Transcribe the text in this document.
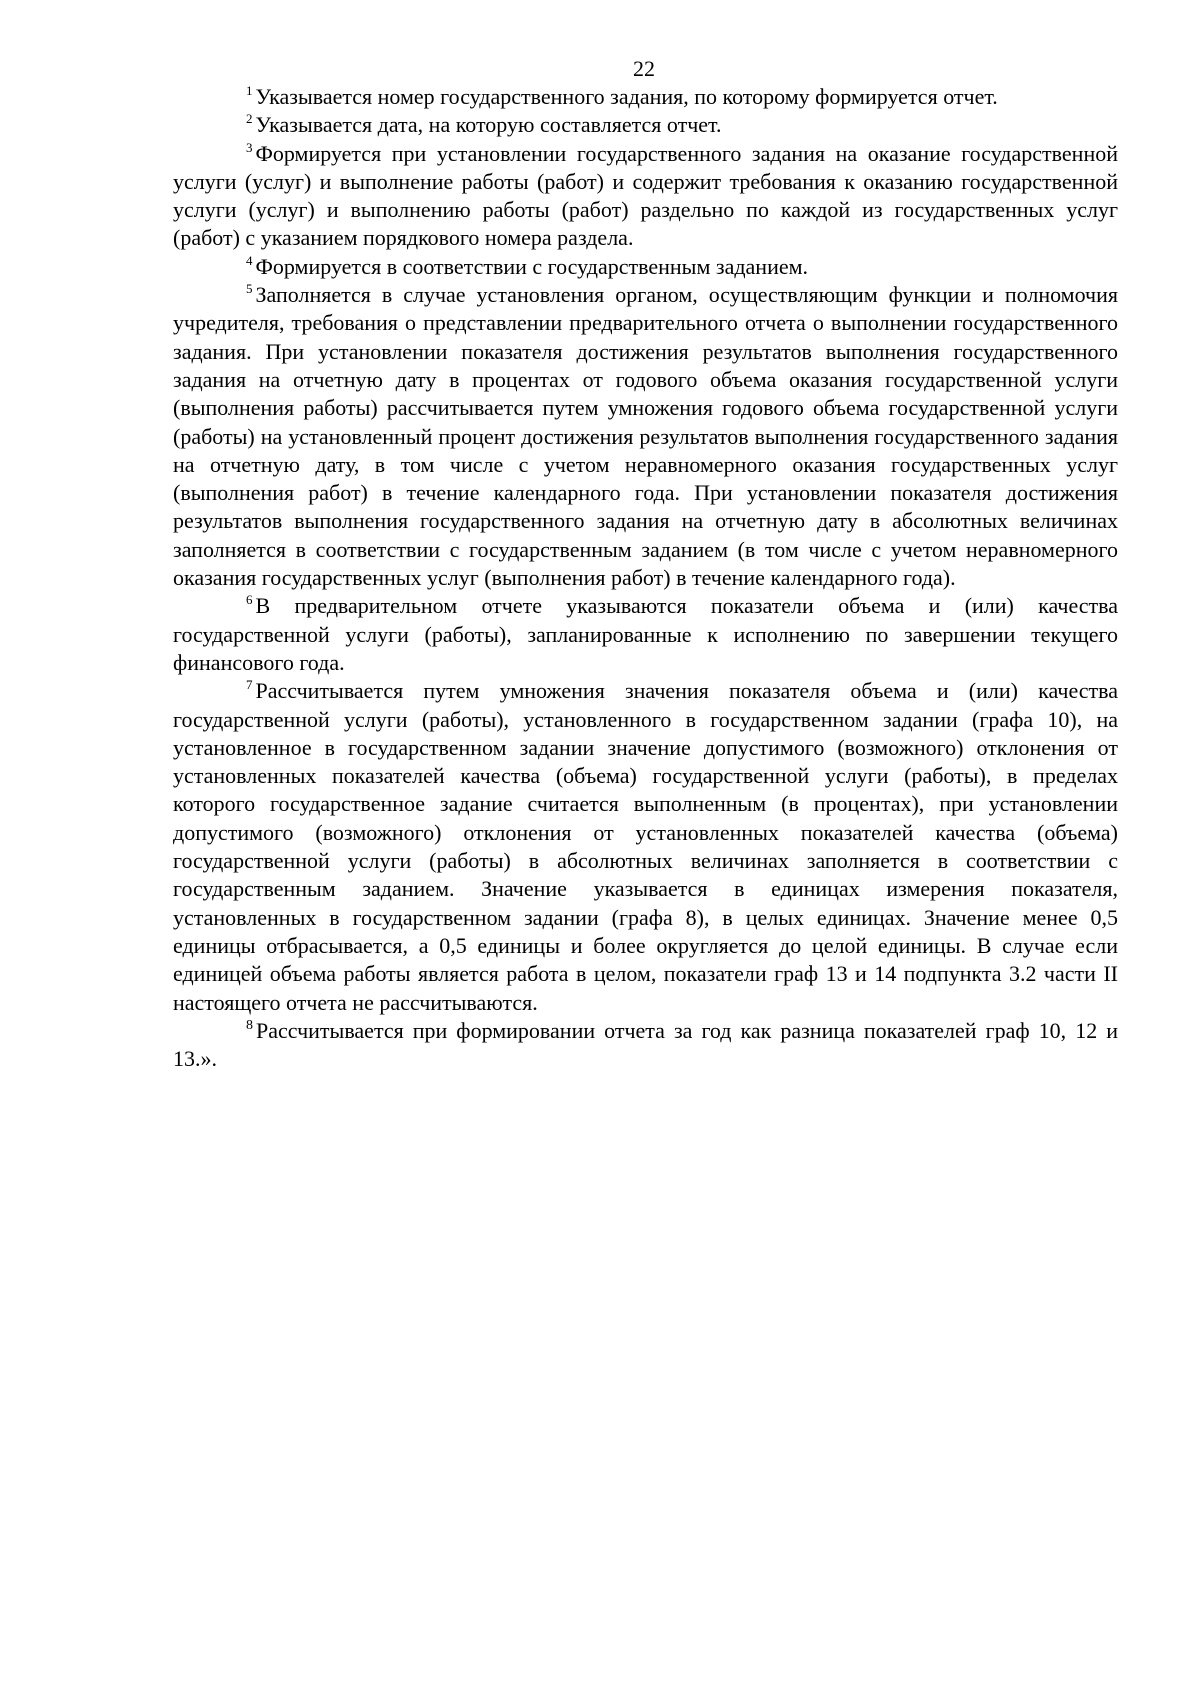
22

$^1$ Указывается номер государственного задания, по которому формируется отчет.

$^2$ Указывается дата, на которую составляется отчет.

$^3$ Формируется при установлении государственного задания на оказание государственной услуги (услуг) и выполнение работы (работ) и содержит требования к оказанию государственной услуги (услуг) и выполнению работы (работ) раздельно по каждой из государственных услуг (работ) с указанием порядкового номера раздела.

$^4$ Формируется в соответствии с государственным заданием.

$^5$ Заполняется в случае установления органом, осуществляющим функции и полномочия учредителя, требования о представлении предварительного отчета о выполнении государственного задания. При установлении показателя достижения результатов выполнения государственного задания на отчетную дату в процентах от годового объема оказания государственной услуги (выполнения работы) рассчитывается путем умножения годового объема государственной услуги (работы) на установленный процент достижения результатов выполнения государственного задания на отчетную дату, в том числе с учетом неравномерного оказания государственных услуг (выполнения работ) в течение календарного года. При установлении показателя достижения результатов выполнения государственного задания на отчетную дату в абсолютных величинах заполняется в соответствии с государственным заданием (в том числе с учетом неравномерного оказания государственных услуг (выполнения работ) в течение календарного года).

$^6$ В предварительном отчете указываются показатели объема и (или) качества государственной услуги (работы), запланированные к исполнению по завершении текущего финансового года.

$^7$ Рассчитывается путем умножения значения показателя объема и (или) качества государственной услуги (работы), установленного в государственном задании (графа 10), на установленное в государственном задании значение допустимого (возможного) отклонения от установленных показателей качества (объема) государственной услуги (работы), в пределах которого государственное задание считается выполненным (в процентах), при установлении допустимого (возможного) отклонения от установленных показателей качества (объема) государственной услуги (работы) в абсолютных величинах заполняется в соответствии с государственным заданием. Значение указывается в единицах измерения показателя, установленных в государственном задании (графа 8), в целых единицах. Значение менее 0,5 единицы отбрасывается, а 0,5 единицы и более округляется до целой единицы. В случае если единицей объема работы является работа в целом, показатели граф 13 и 14 подпункта 3.2 части II настоящего отчета не рассчитываются.

$^8$ Рассчитывается при формировании отчета за год как разница показателей граф 10, 12 и 13.».
